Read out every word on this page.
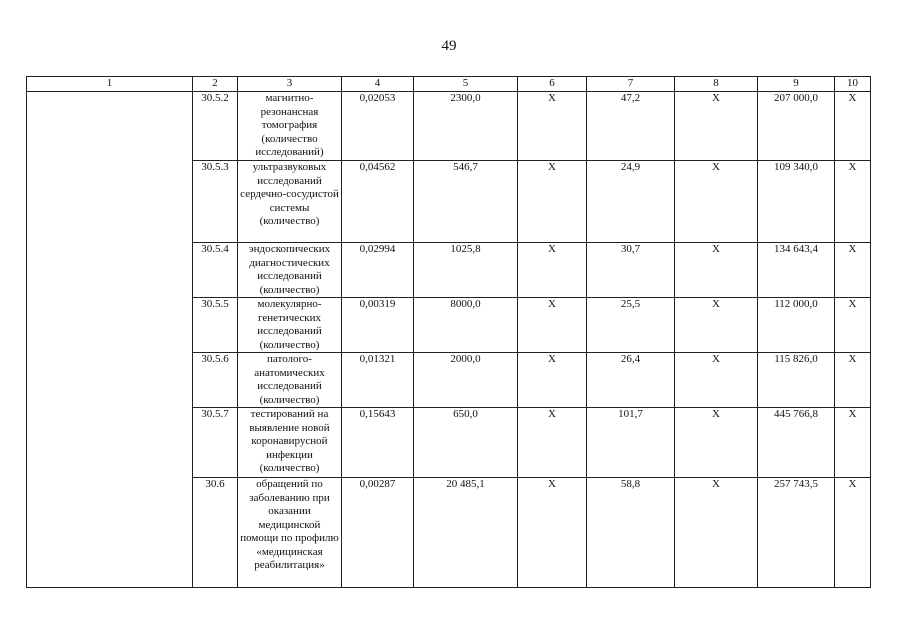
49
1	2	3	4	5	6	7	8	9	10
	30.5.2	магнитно-резонансная томография (количество исследований)	0,02053	2300,0	X	47,2	X	207 000,0	X
	30.5.3	ультразвуковых исследований сердечно-сосудистой системы (количество)	0,04562	546,7	X	24,9	X	109 340,0	X
	30.5.4	эндоскопических диагностических исследований (количество)	0,02994	1025,8	X	30,7	X	134 643,4	X
	30.5.5	молекулярно-генетических исследований (количество)	0,00319	8000,0	X	25,5	X	112 000,0	X
	30.5.6	патолого-анатомических исследований (количество)	0,01321	2000,0	X	26,4	X	115 826,0	X
	30.5.7	тестирований на выявление новой коронавирусной инфекции (количество)	0,15643	650,0	X	101,7	X	445 766,8	X
	30.6	обращений по заболеванию при оказании медицинской помощи по профилю «медицинская реабилитация»	0,00287	20 485,1	X	58,8	X	257 743,5	X
